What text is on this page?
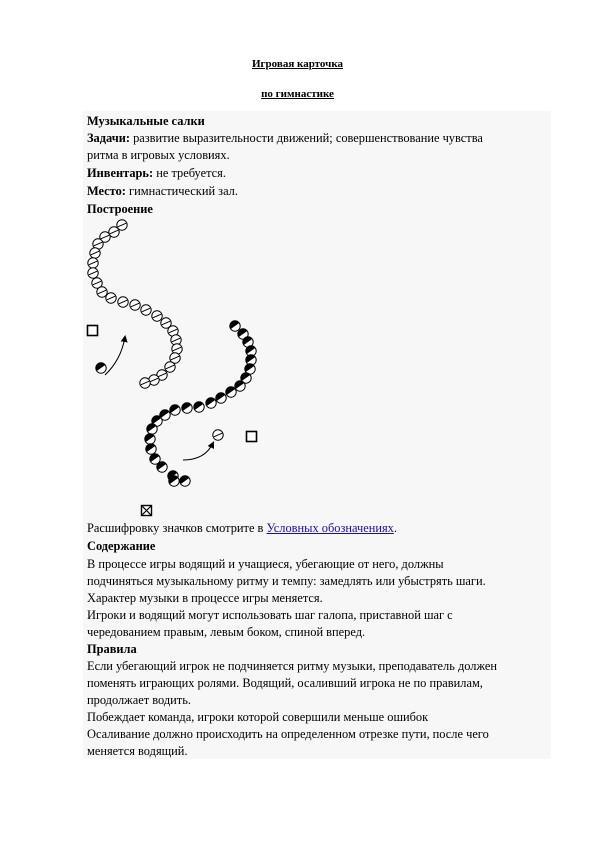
Игровая карточка
по гимнастике

Музыкальные салки

Задачи: развитие выразительности движений; совершенствование чувства

ритма в игровых условиях.

Инвентарь: не требуется.

Место: гимнастический зал.

Построение

Расшифровку значков смотрите в Условных обозначениях.

Содержание

В процессе игры водящий и учащиеся, убегающие от него, должны

подчиняться музыкальному ритму и темпу: замедлять или убыстрять шаги.

Характер музыки в процессе игры меняется.

Игроки и водящий могут использовать шаг галопа, приставной шаг с

чередованием правым, левым боком, спиной вперед.

Правила

Если убегающий игрок не подчиняется ритму музыки, преподаватель должен

поменять играющих ролями. Водящий, осаливший игрока не по правилам,

продолжает водить.

Побеждает команда, игроки которой совершили меньше ошибок

Осаливание должно происходить на определенном отрезке пути, после чего

меняется водящий.
